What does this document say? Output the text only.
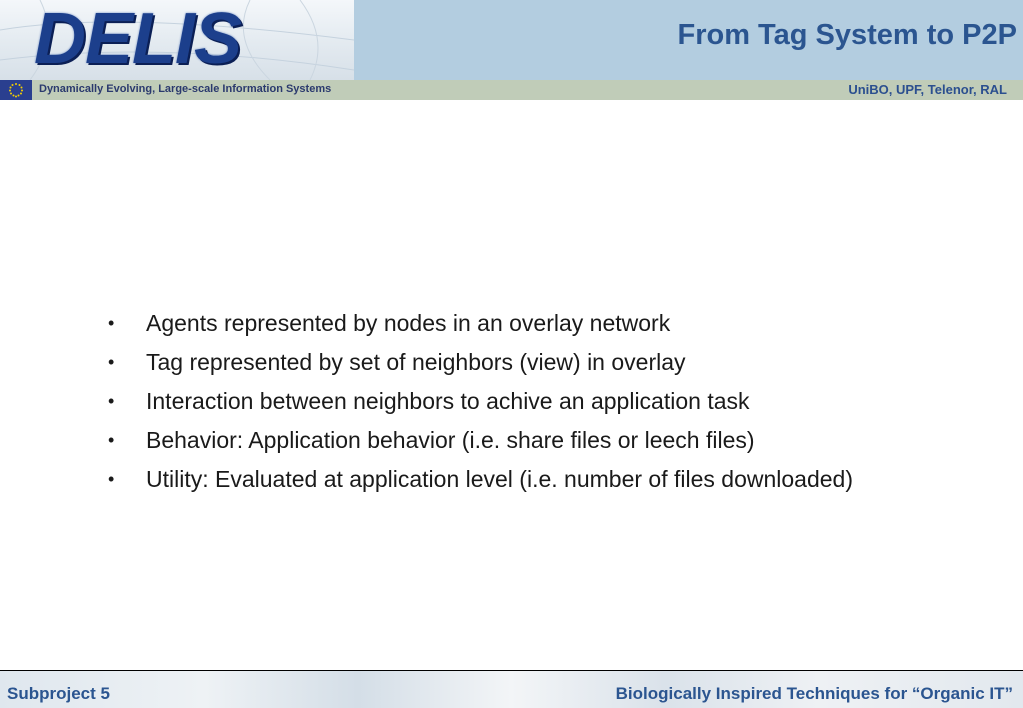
DELIS	From Tag System to P2P
Dynamically Evolving, Large-scale Information Systems	UniBO, UPF, Telenor, RAL
•	Agents represented by nodes in an overlay network
•	Tag represented by set of neighbors (view) in overlay
•	Interaction between neighbors to achive an application task
•	Behavior: Application behavior (i.e. share files or leech files)
•	Utility: Evaluated at application level (i.e. number of files downloaded)
Subproject 5	Biologically Inspired Techniques for “Organic IT”
